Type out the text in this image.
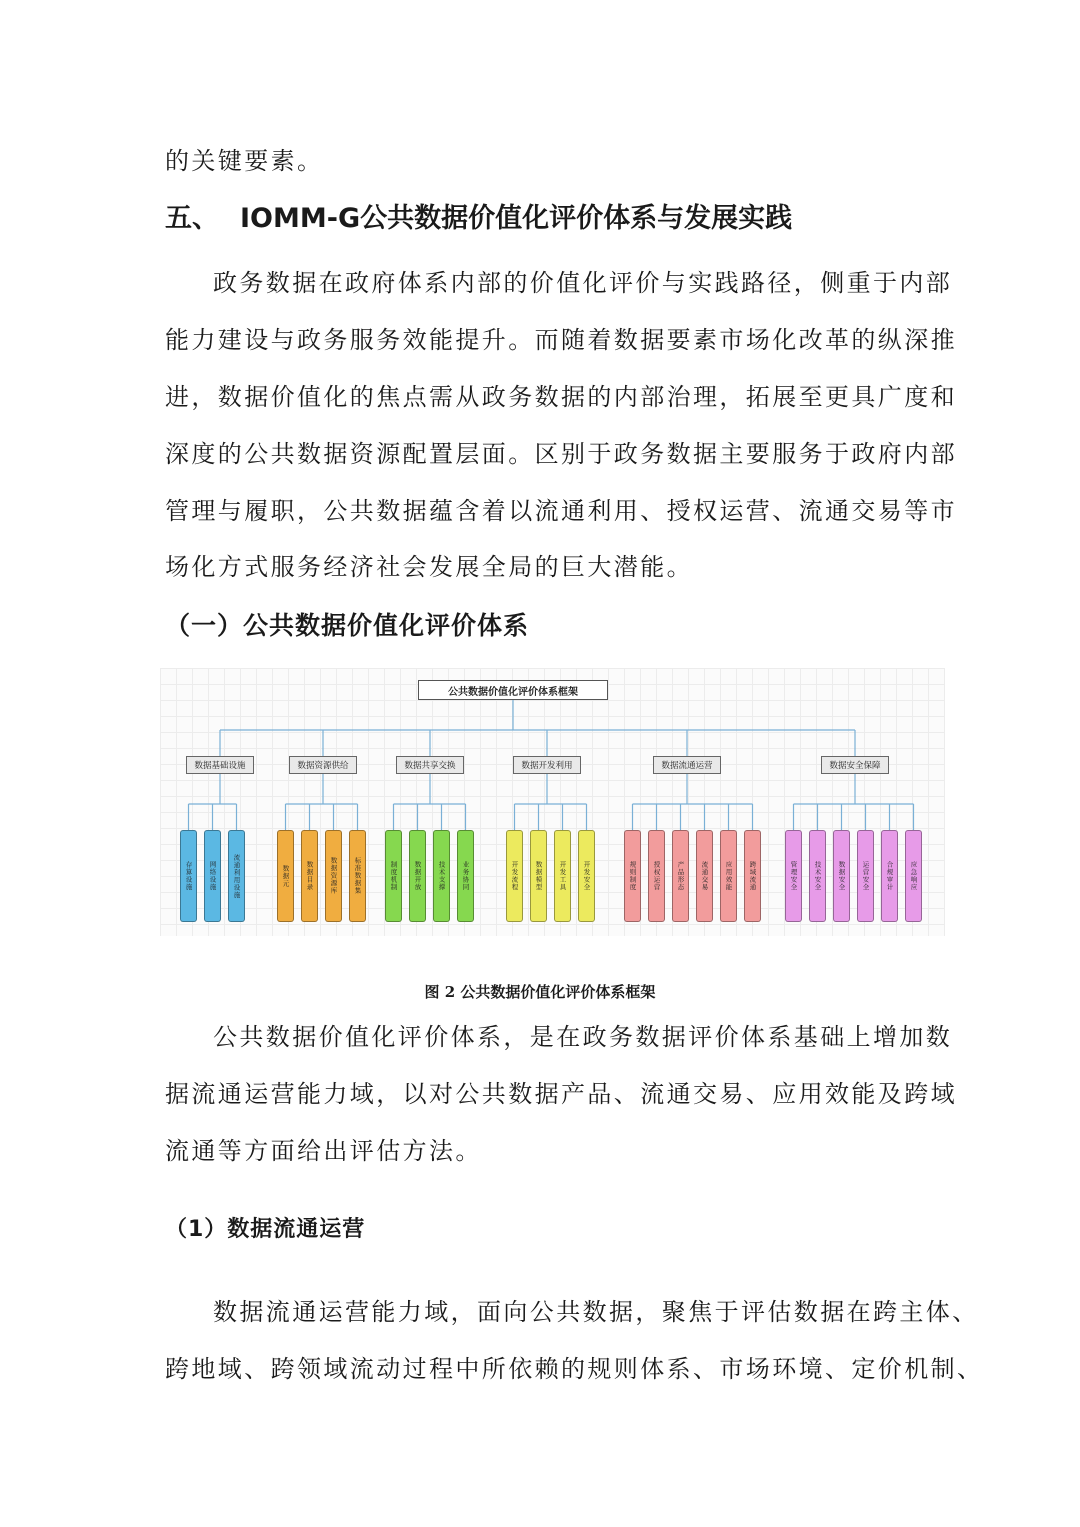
的关键要素。
五、 IOMM-G公共数据价值化评价体系与发展实践
政务数据在政府体系内部的价值化评价与实践路径，侧重于内部
能力建设与政务服务效能提升。而随着数据要素市场化改革的纵深推
进，数据价值化的焦点需从政务数据的内部治理，拓展至更具广度和
深度的公共数据资源配置层面。区别于政务数据主要服务于政府内部
管理与履职，公共数据蕴含着以流通利用、授权运营、流通交易等市
场化方式服务经济社会发展全局的巨大潜能。
（一）公共数据价值化评价体系
公共数据价值化评价体系框架
数据基础设施
存算设施	网络设施	流通利用设施
数据资源供给
数据元	数据目录	数据资源库	标准数据集
数据共享交换
制度机制	数据开放	技术支撑	业务协同
数据开发利用
开发流程	数据模型	开发工具	开发安全
数据流通运营
规则制度	授权运营	产品形态	流通交易	应用效能	跨域流通
数据安全保障
管理安全	技术安全	数据安全	运营安全	合规审计	应急响应
图 2 公共数据价值化评价体系框架
公共数据价值化评价体系，是在政务数据评价体系基础上增加数
据流通运营能力域，以对公共数据产品、流通交易、应用效能及跨域
流通等方面给出评估方法。
（1）数据流通运营
数据流通运营能力域，面向公共数据，聚焦于评估数据在跨主体、
跨地域、跨领域流动过程中所依赖的规则体系、市场环境、定价机制、
